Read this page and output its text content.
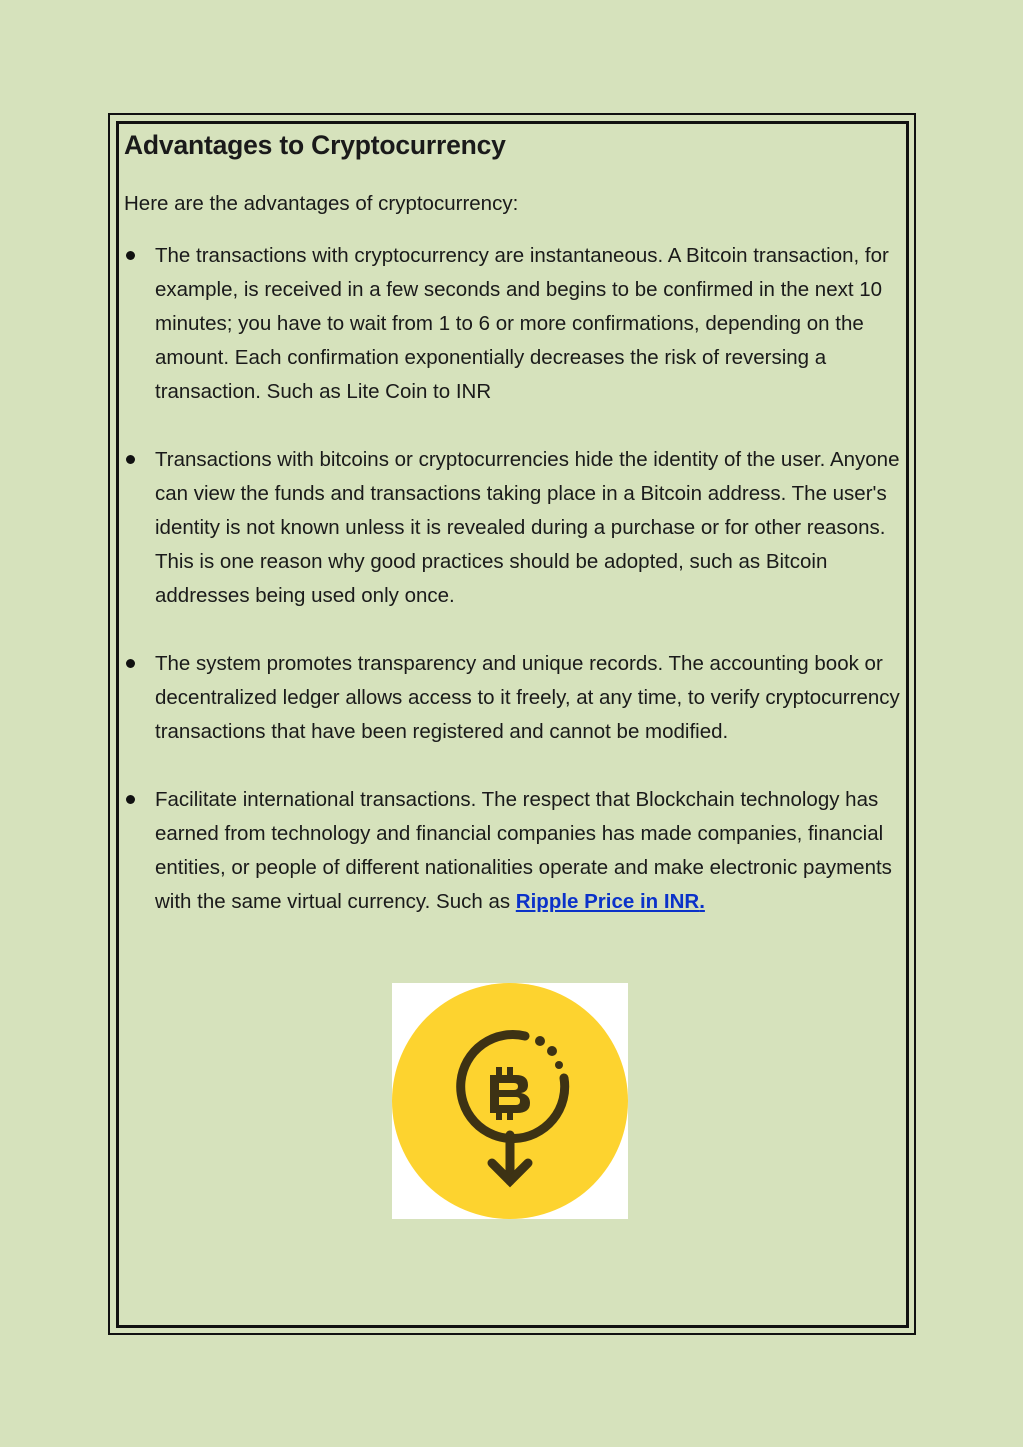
Advantages to Cryptocurrency

Here are the advantages of cryptocurrency:

The transactions with cryptocurrency are instantaneous. A Bitcoin transaction, for example, is received in a few seconds and begins to be confirmed in the next 10 minutes; you have to wait from 1 to 6 or more confirmations, depending on the amount. Each confirmation exponentially decreases the risk of reversing a transaction. Such as Lite Coin to INR
Transactions with bitcoins or cryptocurrencies hide the identity of the user. Anyone can view the funds and transactions taking place in a Bitcoin address. The user's identity is not known unless it is revealed during a purchase or for other reasons. This is one reason why good practices should be adopted, such as Bitcoin addresses being used only once.
The system promotes transparency and unique records. The accounting book or decentralized ledger allows access to it freely, at any time, to verify cryptocurrency transactions that have been registered and cannot be modified.
Facilitate international transactions. The respect that Blockchain technology has earned from technology and financial companies has made companies, financial entities, or people of different nationalities operate and make electronic payments with the same virtual currency. Such as Ripple Price in INR.
